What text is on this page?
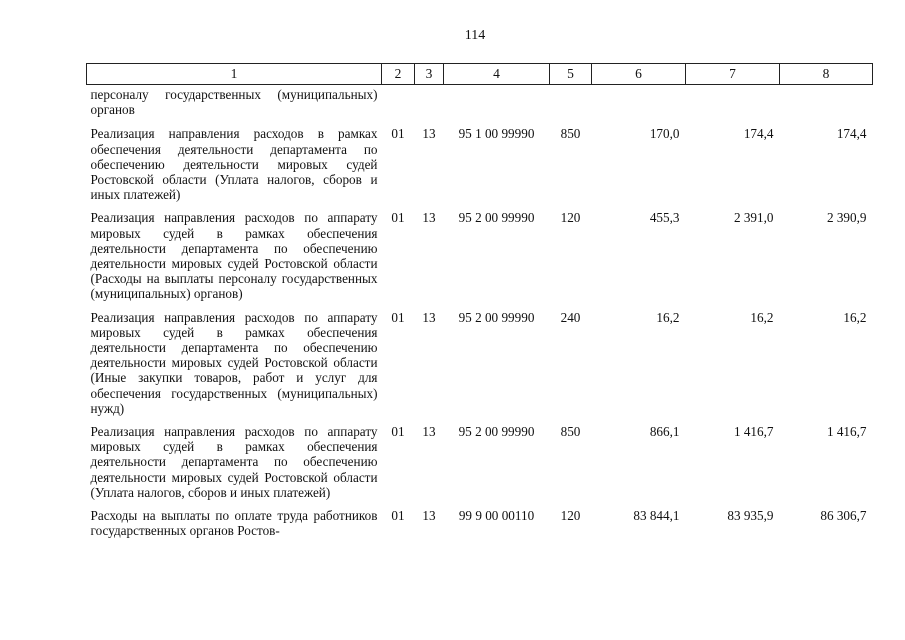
114
1	2	3	4	5	6	7	8
персоналу государственных (муниципальных) органов							
Реализация направления расходов в рамках обеспечения деятельности департамента по обеспечению деятельности мировых судей Ростовской области (Уплата налогов, сборов и иных платежей)	01	13	95 1 00 99990	850	170,0	174,4	174,4
Реализация направления расходов по аппарату мировых судей в рамках обеспечения деятельности департамента по обеспечению деятельности мировых судей Ростовской области (Расходы на выплаты персоналу государственных (муниципальных) органов)	01	13	95 2 00 99990	120	455,3	2 391,0	2 390,9
Реализация направления расходов по аппарату мировых судей в рамках обеспечения деятельности департамента по обеспечению деятельности мировых судей Ростовской области (Иные закупки товаров, работ и услуг для обеспечения государственных (муниципальных) нужд)	01	13	95 2 00 99990	240	16,2	16,2	16,2
Реализация направления расходов по аппарату мировых судей в рамках обеспечения деятельности департамента по обеспечению деятельности мировых судей Ростовской области (Уплата налогов, сборов и иных платежей)	01	13	95 2 00 99990	850	866,1	1 416,7	1 416,7
Расходы на выплаты по оплате труда работников государственных органов Ростов-	01	13	99 9 00 00110	120	83 844,1	83 935,9	86 306,7
